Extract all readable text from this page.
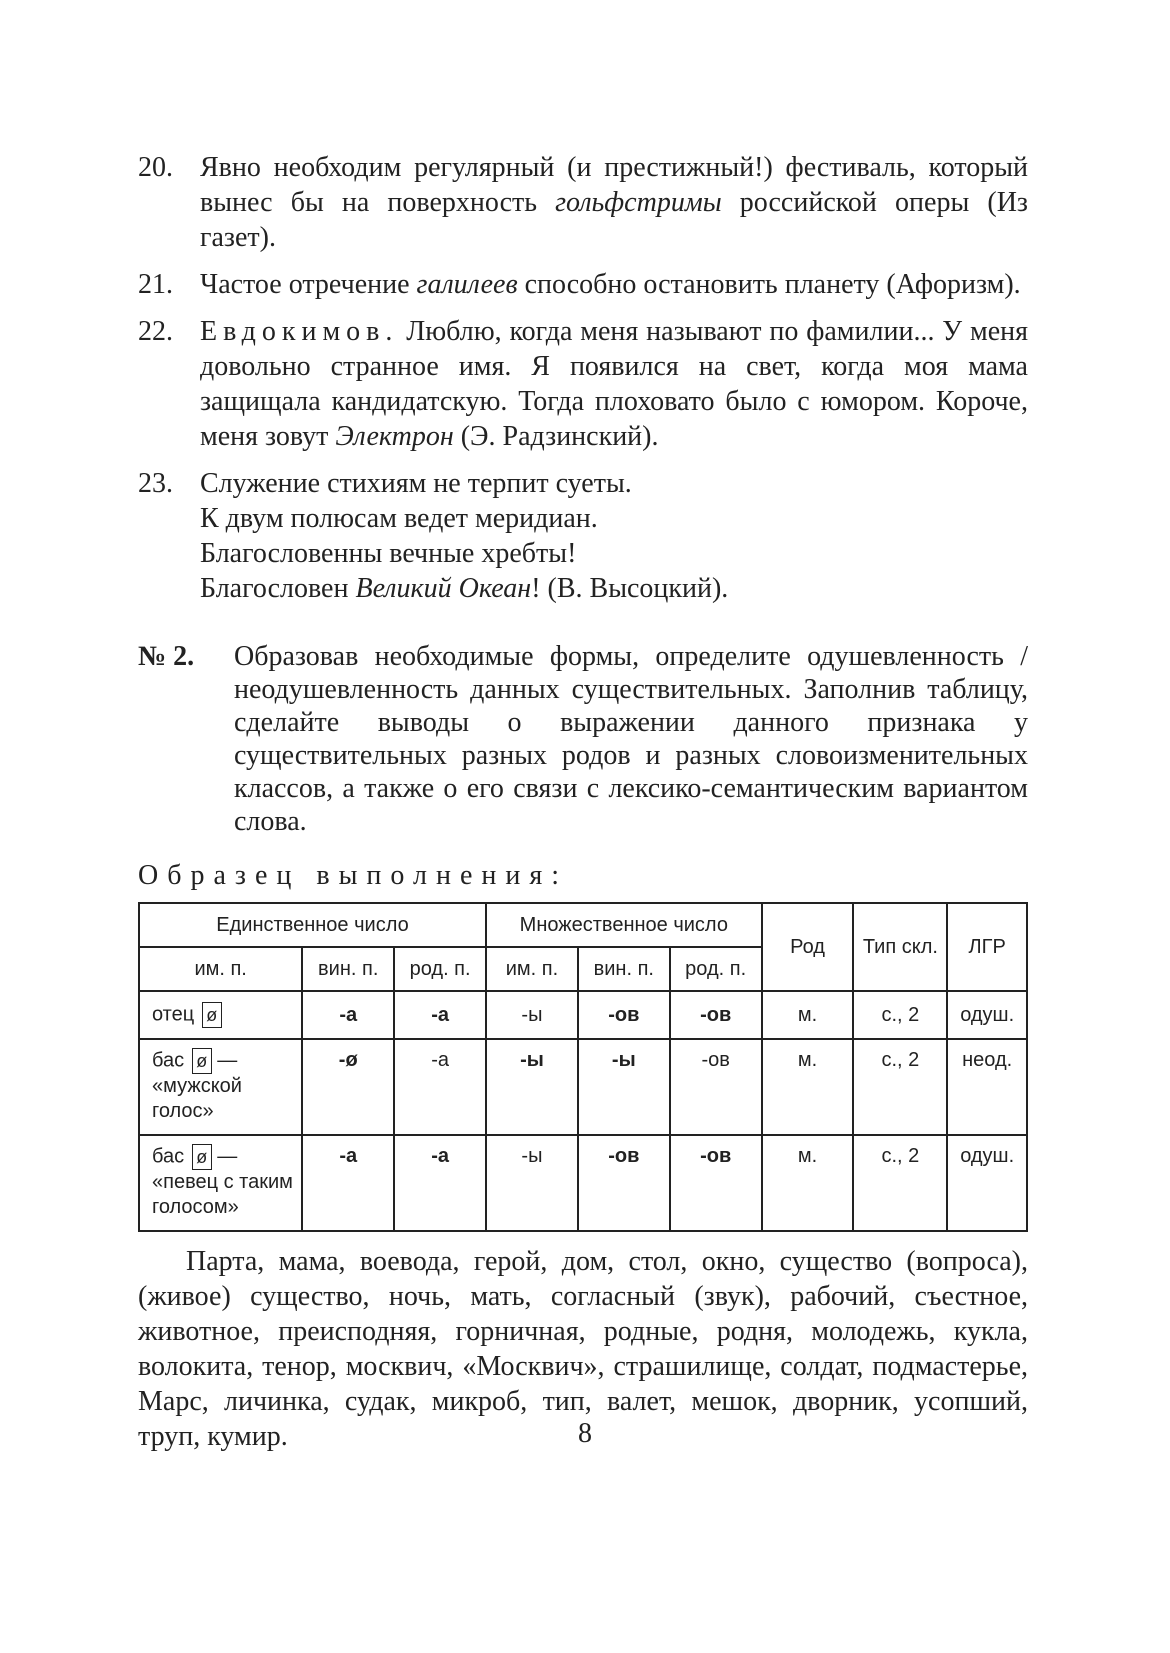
20. Явно необходим регулярный (и престижный!) фестиваль, который вынес бы на поверхность гольфстримы российской оперы (Из газет).
21. Частое отречение галилеев способно остановить планету (Афоризм).
22. Евдокимов. Люблю, когда меня называют по фамилии... У меня довольно странное имя. Я появился на свет, когда моя мама защищала кандидатскую. Тогда плоховато было с юмором. Короче, меня зовут Электрон (Э. Радзинский).
23. Служение стихиям не терпит суеты.
К двум полюсам ведет меридиан.
Благословенны вечные хребты!
Благословен Великий Океан! (В. Высоцкий).
№ 2.	Образовав необходимые формы, определите одушевленность / неодушевленность данных существительных. Заполнив таблицу, сделайте выводы о выражении данного признака у существительных разных родов и разных словоизменительных классов, а также о его связи с лексико-семантическим вариантом слова.
Образец выполнения:
Единственное число			Множественное число			Род	Тип скл.	ЛГР
им. п.	вин. п.	род. п.	им. п.	вин. п.	род. п.			
отец ø	-а	-а	-ы	-ов	-ов	м.	с., 2	одуш.
бас ø — «мужской голос»	-ø	-а	-ы	-ы	-ов	м.	с., 2	неод.
бас ø — «певец с таким голосом»	-а	-а	-ы	-ов	-ов	м.	с., 2	одуш.
Парта, мама, воевода, герой, дом, стол, окно, существо (вопроса), (живое) существо, ночь, мать, согласный (звук), рабочий, съестное, животное, преисподняя, горничная, родные, родня, молодежь, кукла, волокита, тенор, москвич, «Москвич», страшилище, солдат, подмастерье, Марс, личинка, судак, микроб, тип, валет, мешок, дворник, усопший, труп, кумир.	8
